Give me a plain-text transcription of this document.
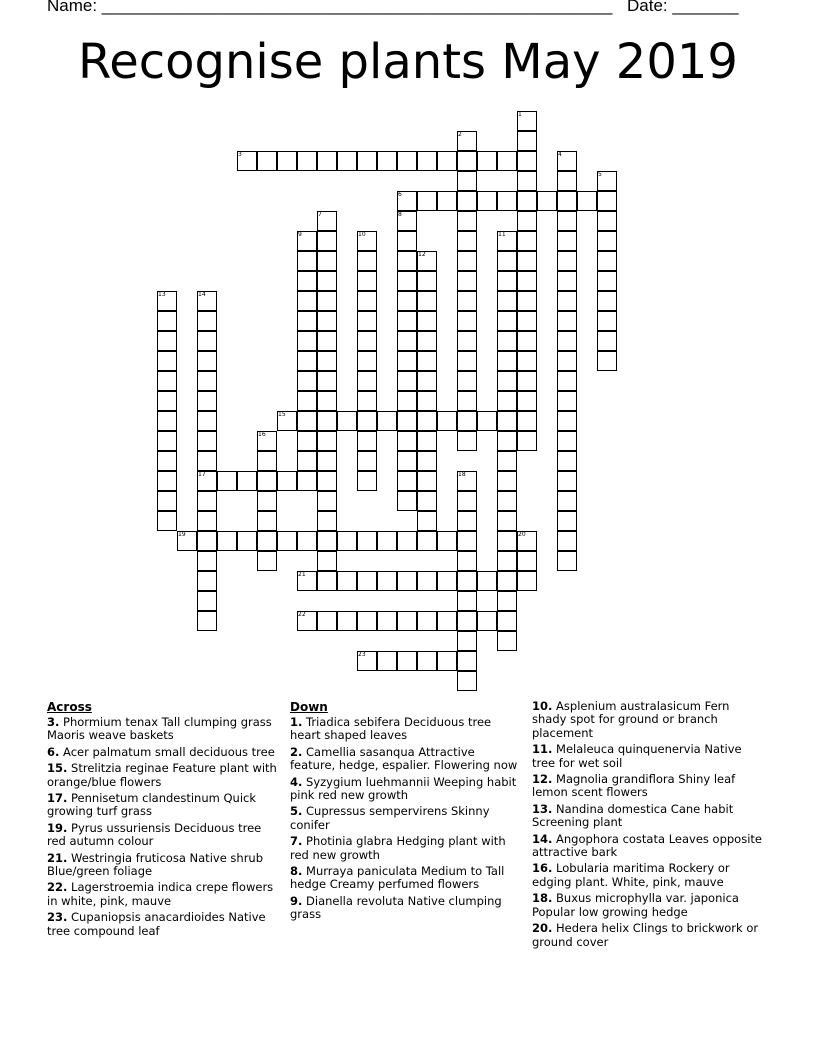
Name: ______________________________________________________ Date: _______
Recognise plants May 2019
1
2
3	4
5
6
7	8
9	10	11
12
13	14
15
16
17	18
19	20
21
22
23
Across
3. Phormium tenax Tall clumping grass Maoris weave baskets
6. Acer palmatum small deciduous tree
15. Strelitzia reginae Feature plant with orange/blue flowers
17. Pennisetum clandestinum Quick growing turf grass
19. Pyrus ussuriensis Deciduous tree red autumn colour
21. Westringia fruticosa Native shrub Blue/green foliage
22. Lagerstroemia indica crepe flowers in white, pink, mauve
23. Cupaniopsis anacardioides Native tree compound leaf
Down
1. Triadica sebifera Deciduous tree heart shaped leaves
2. Camellia sasanqua Attractive feature, hedge, espalier. Flowering now
4. Syzygium luehmannii Weeping habit pink red new growth
5. Cupressus sempervirens Skinny conifer
7. Photinia glabra Hedging plant with red new growth
8. Murraya paniculata Medium to Tall hedge Creamy perfumed flowers
9. Dianella revoluta Native clumping grass
10. Asplenium australasicum Fern shady spot for ground or branch placement
11. Melaleuca quinquenervia Native tree for wet soil
12. Magnolia grandiflora Shiny leaf lemon scent flowers
13. Nandina domestica Cane habit Screening plant
14. Angophora costata Leaves opposite attractive bark
16. Lobularia maritima Rockery or edging plant. White, pink, mauve
18. Buxus microphylla var. japonica Popular low growing hedge
20. Hedera helix Clings to brickwork or ground cover
